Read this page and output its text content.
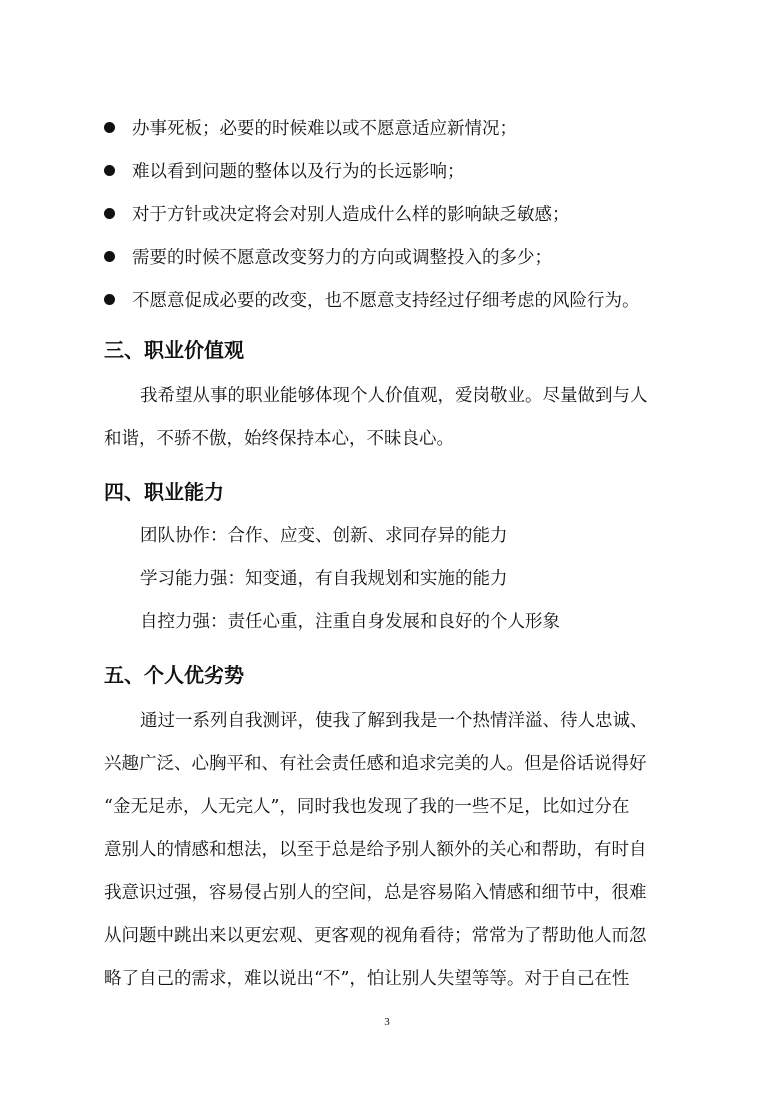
办事死板；必要的时候难以或不愿意适应新情况；
难以看到问题的整体以及行为的长远影响；
对于方针或决定将会对别人造成什么样的影响缺乏敏感；
需要的时候不愿意改变努力的方向或调整投入的多少；
不愿意促成必要的改变，也不愿意支持经过仔细考虑的风险行为。
三、职业价值观
我希望从事的职业能够体现个人价值观，爱岗敬业。尽量做到与人
和谐，不骄不傲，始终保持本心，不昧良心。
四、职业能力
团队协作：合作、应变、创新、求同存异的能力
学习能力强：知变通，有自我规划和实施的能力
自控力强：责任心重，注重自身发展和良好的个人形象
五、个人优劣势
通过一系列自我测评，使我了解到我是一个热情洋溢、待人忠诚、
兴趣广泛、心胸平和、有社会责任感和追求完美的人。但是俗话说得好
“金无足赤，人无完人”，同时我也发现了我的一些不足，比如过分在
意别人的情感和想法，以至于总是给予别人额外的关心和帮助，有时自
我意识过强，容易侵占别人的空间，总是容易陷入情感和细节中，很难
从问题中跳出来以更宏观、更客观的视角看待；常常为了帮助他人而忽
略了自己的需求，难以说出“不”，怕让别人失望等等。对于自己在性
3
